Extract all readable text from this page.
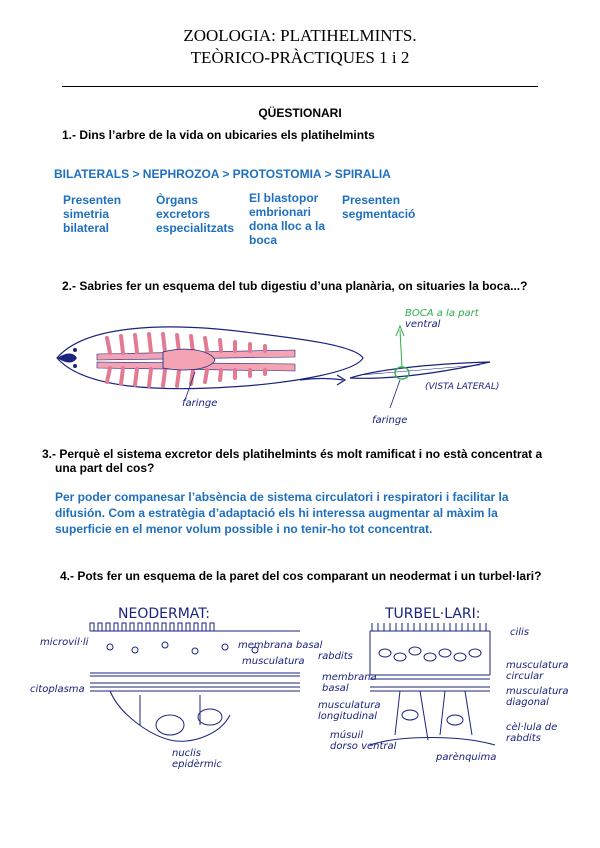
ZOOLOGIA: PLATIHELMINTS.
TEÒRICO-PRÀCTIQUES 1 i 2
QÜESTIONARI
1.- Dins l’arbre de la vida on ubicaries els platihelmints
BILATERALS > NEPHROZOA > PROTOSTOMIA > SPIRALIA
Presenten
simetria
bilateral
Òrgans
excretors
especialitzats
El blastopor
embrionari
dona lloc a la
boca
Presenten
segmentació
2.- Sabries fer un esquema del tub digestiu d’una planària, on situaries la boca...?
faringe
BOCA a la part
ventral
(VISTA LATERAL)
faringe
3.- Perquè el sistema excretor dels platihelmints és molt ramificat i no està concentrat a
una part del cos?
Per poder companesar l’absència de sistema circulatori i respiratori i facilitar la
difusión. Com a estratègia d’adaptació els hi interessa augmentar al màxim la
superficie en el menor volum possible i no tenir-ho tot concentrat.
4.- Pots fer un esquema de la paret del cos comparant un neodermat i un turbel·lari?
NEODERMAT:
microvil·li	membrana basal
musculatura
citoplasma
nuclis
epidèrmic
TURBEL·LARI:
cilis
rabdits
membrana
basal
musculatura
longitudinal
músuil
dorso ventral
musculatura
circular
musculatura
diagonal
cèl·lula de
rabdits
parènquima
